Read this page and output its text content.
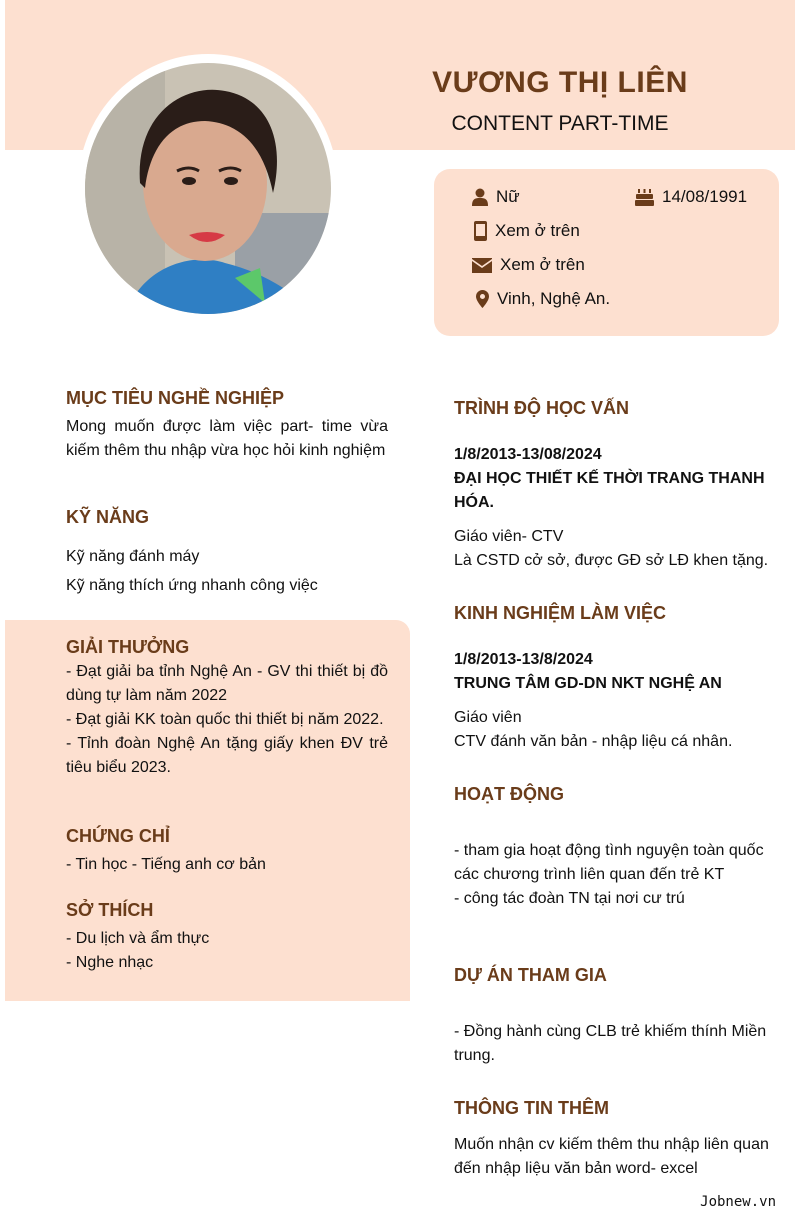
VƯƠNG THỊ LIÊN
CONTENT PART-TIME
Nữ	14/08/1991
Xem ở trên
Xem ở trên
Vinh, Nghệ An.
MỤC TIÊU NGHỀ NGHIỆP
Mong muốn được làm việc part- time vừa kiếm thêm thu nhập vừa học hỏi kinh nghiệm
KỸ NĂNG
Kỹ năng đánh máy
Kỹ năng thích ứng nhanh công việc
GIẢI THƯỞNG
- Đạt giải ba tỉnh Nghệ An - GV thi thiết bị đồ dùng tự làm năm 2022
- Đạt giải KK toàn quốc thi thiết bị năm 2022.
- Tỉnh đoàn Nghệ An tặng giấy khen ĐV trẻ tiêu biểu 2023.
CHỨNG CHỈ
- Tin học - Tiếng anh cơ bản
SỞ THÍCH
- Du lịch và ẩm thực
- Nghe nhạc
TRÌNH ĐỘ HỌC VẤN
1/8/2013-13/08/2024
ĐẠI HỌC THIẾT KẾ THỜI TRANG THANH HÓA.
Giáo viên- CTV
Là CSTD cở sở, được GĐ sở LĐ khen tặng.
KINH NGHIỆM LÀM VIỆC
1/8/2013-13/8/2024
TRUNG TÂM GD-DN NKT NGHỆ AN
Giáo viên
CTV đánh văn bản - nhập liệu cá nhân.
HOẠT ĐỘNG
- tham gia hoạt động tình nguyện toàn quốc các chương trình liên quan đến trẻ KT
- công tác đoàn TN tại nơi cư trú
DỰ ÁN THAM GIA
- Đồng hành cùng CLB trẻ khiếm thính Miền trung.
THÔNG TIN THÊM
Muốn nhận cv kiếm thêm thu nhập liên quan đến nhập liệu văn bản word- excel
Jobnew.vn
